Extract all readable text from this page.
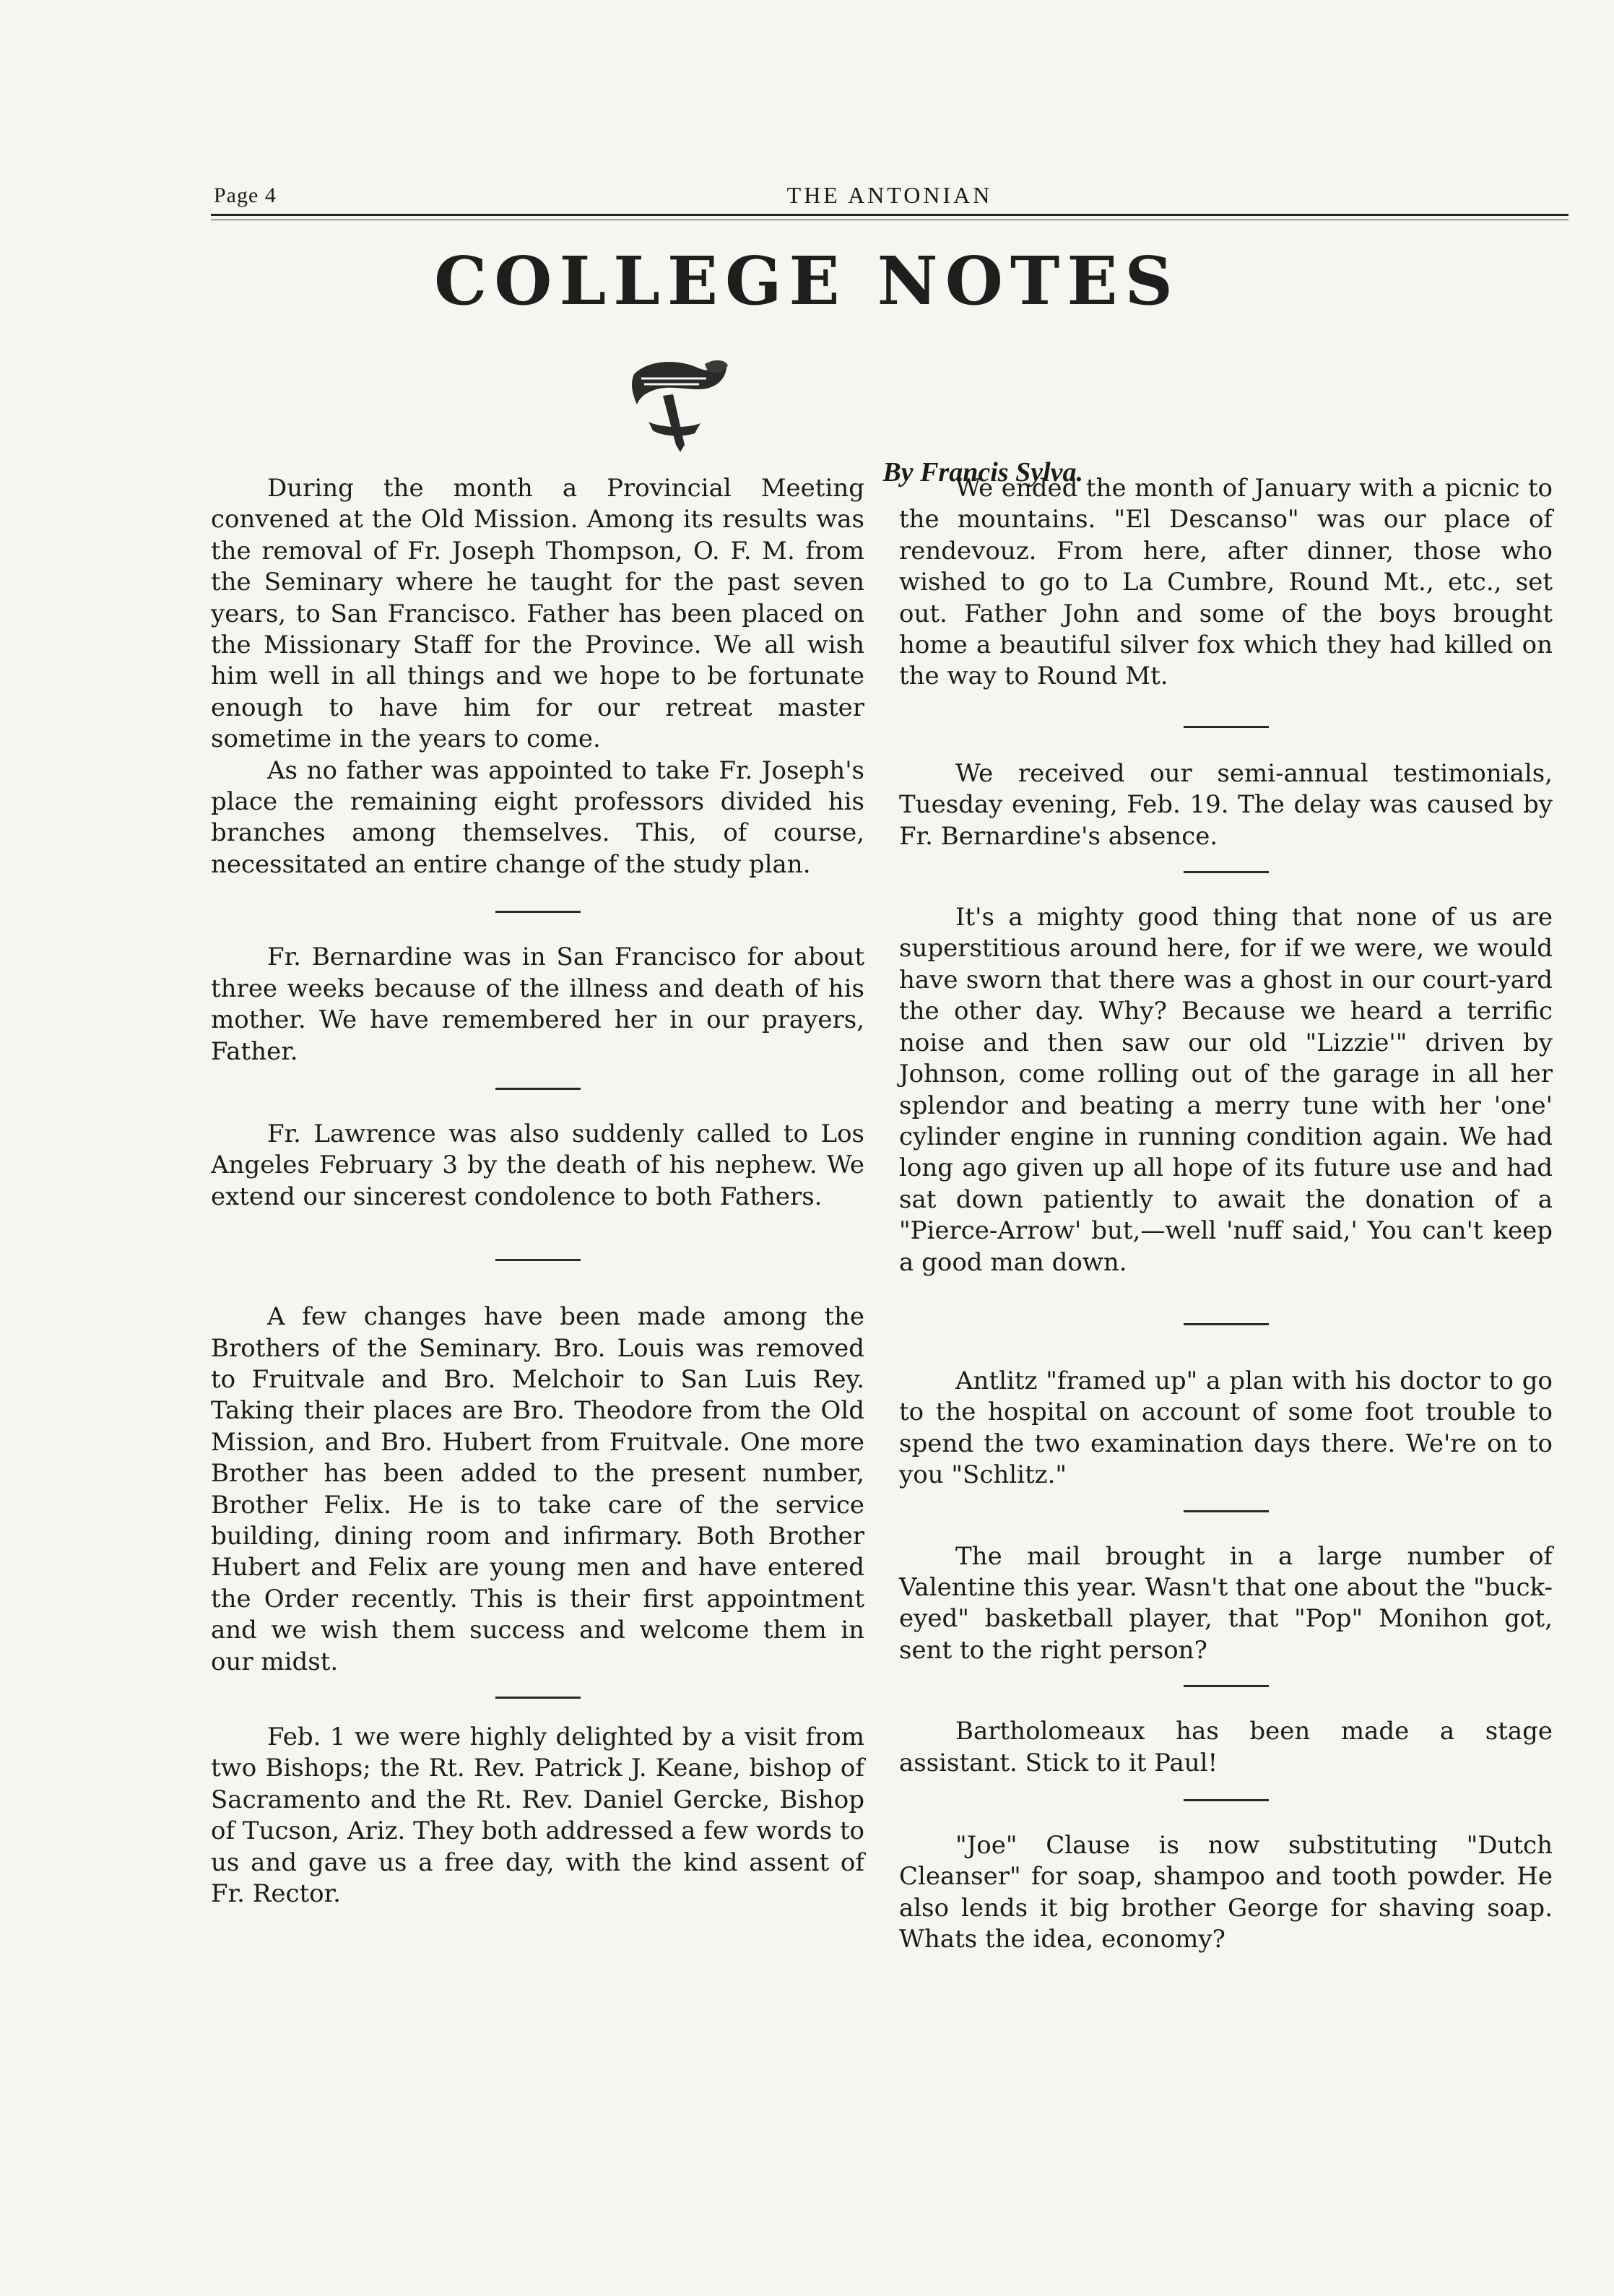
Page 4	THE ANTONIAN
COLLEGE NOTES
By Francis Sylva.

During the month a Provincial Meeting convened at the Old Mission. Among its results was the removal of Fr. Joseph Thompson, O. F. M. from the Seminary where he taught for the past seven years, to San Francisco. Father has been placed on the Missionary Staff for the Province. We all wish him well in all things and we hope to be fortunate enough to have him for our retreat master sometime in the years to come.

As no father was appointed to take Fr. Joseph's place the remaining eight professors divided his branches among themselves. This, of course, necessitated an entire change of the study plan.

Fr. Bernardine was in San Francisco for about three weeks because of the illness and death of his mother. We have remembered her in our prayers, Father.

Fr. Lawrence was also suddenly called to Los Angeles February 3 by the death of his nephew. We extend our sincerest condolence to both Fathers.

A few changes have been made among the Brothers of the Seminary. Bro. Louis was removed to Fruitvale and Bro. Melchoir to San Luis Rey. Taking their places are Bro. Theodore from the Old Mission, and Bro. Hubert from Fruitvale. One more Brother has been added to the present number, Brother Felix. He is to take care of the service building, dining room and infirmary. Both Brother Hubert and Felix are young men and have entered the Order recently. This is their first appointment and we wish them success and welcome them in our midst.

Feb. 1 we were highly delighted by a visit from two Bishops; the Rt. Rev. Patrick J. Keane, bishop of Sacramento and the Rt. Rev. Daniel Gercke, Bishop of Tucson, Ariz. They both addressed a few words to us and gave us a free day, with the kind assent of Fr. Rector.

We ended the month of January with a picnic to the mountains. "El Descanso" was our place of rendevouz. From here, after dinner, those who wished to go to La Cumbre, Round Mt., etc., set out. Father John and some of the boys brought home a beautiful silver fox which they had killed on the way to Round Mt.

We received our semi-annual testimonials, Tuesday evening, Feb. 19. The delay was caused by Fr. Bernardine's absence.

It's a mighty good thing that none of us are superstitious around here, for if we were, we would have sworn that there was a ghost in our court-yard the other day. Why? Because we heard a terrific noise and then saw our old "Lizzie'" driven by Johnson, come rolling out of the garage in all her splendor and beating a merry tune with her 'one' cylinder engine in running condition again. We had long ago given up all hope of its future use and had sat down patiently to await the donation of a "Pierce-Arrow' but,—well 'nuff said,' You can't keep a good man down.

Antlitz "framed up" a plan with his doctor to go to the hospital on account of some foot trouble to spend the two examination days there. We're on to you "Schlitz."

The mail brought in a large number of Valentine this year. Wasn't that one about the "buck-eyed" basketball player, that "Pop" Monihon got, sent to the right person?

Bartholomeaux has been made a stage assistant. Stick to it Paul!

"Joe" Clause is now substituting "Dutch Cleanser" for soap, shampoo and tooth powder. He also lends it big brother George for shaving soap. Whats the idea, economy?
